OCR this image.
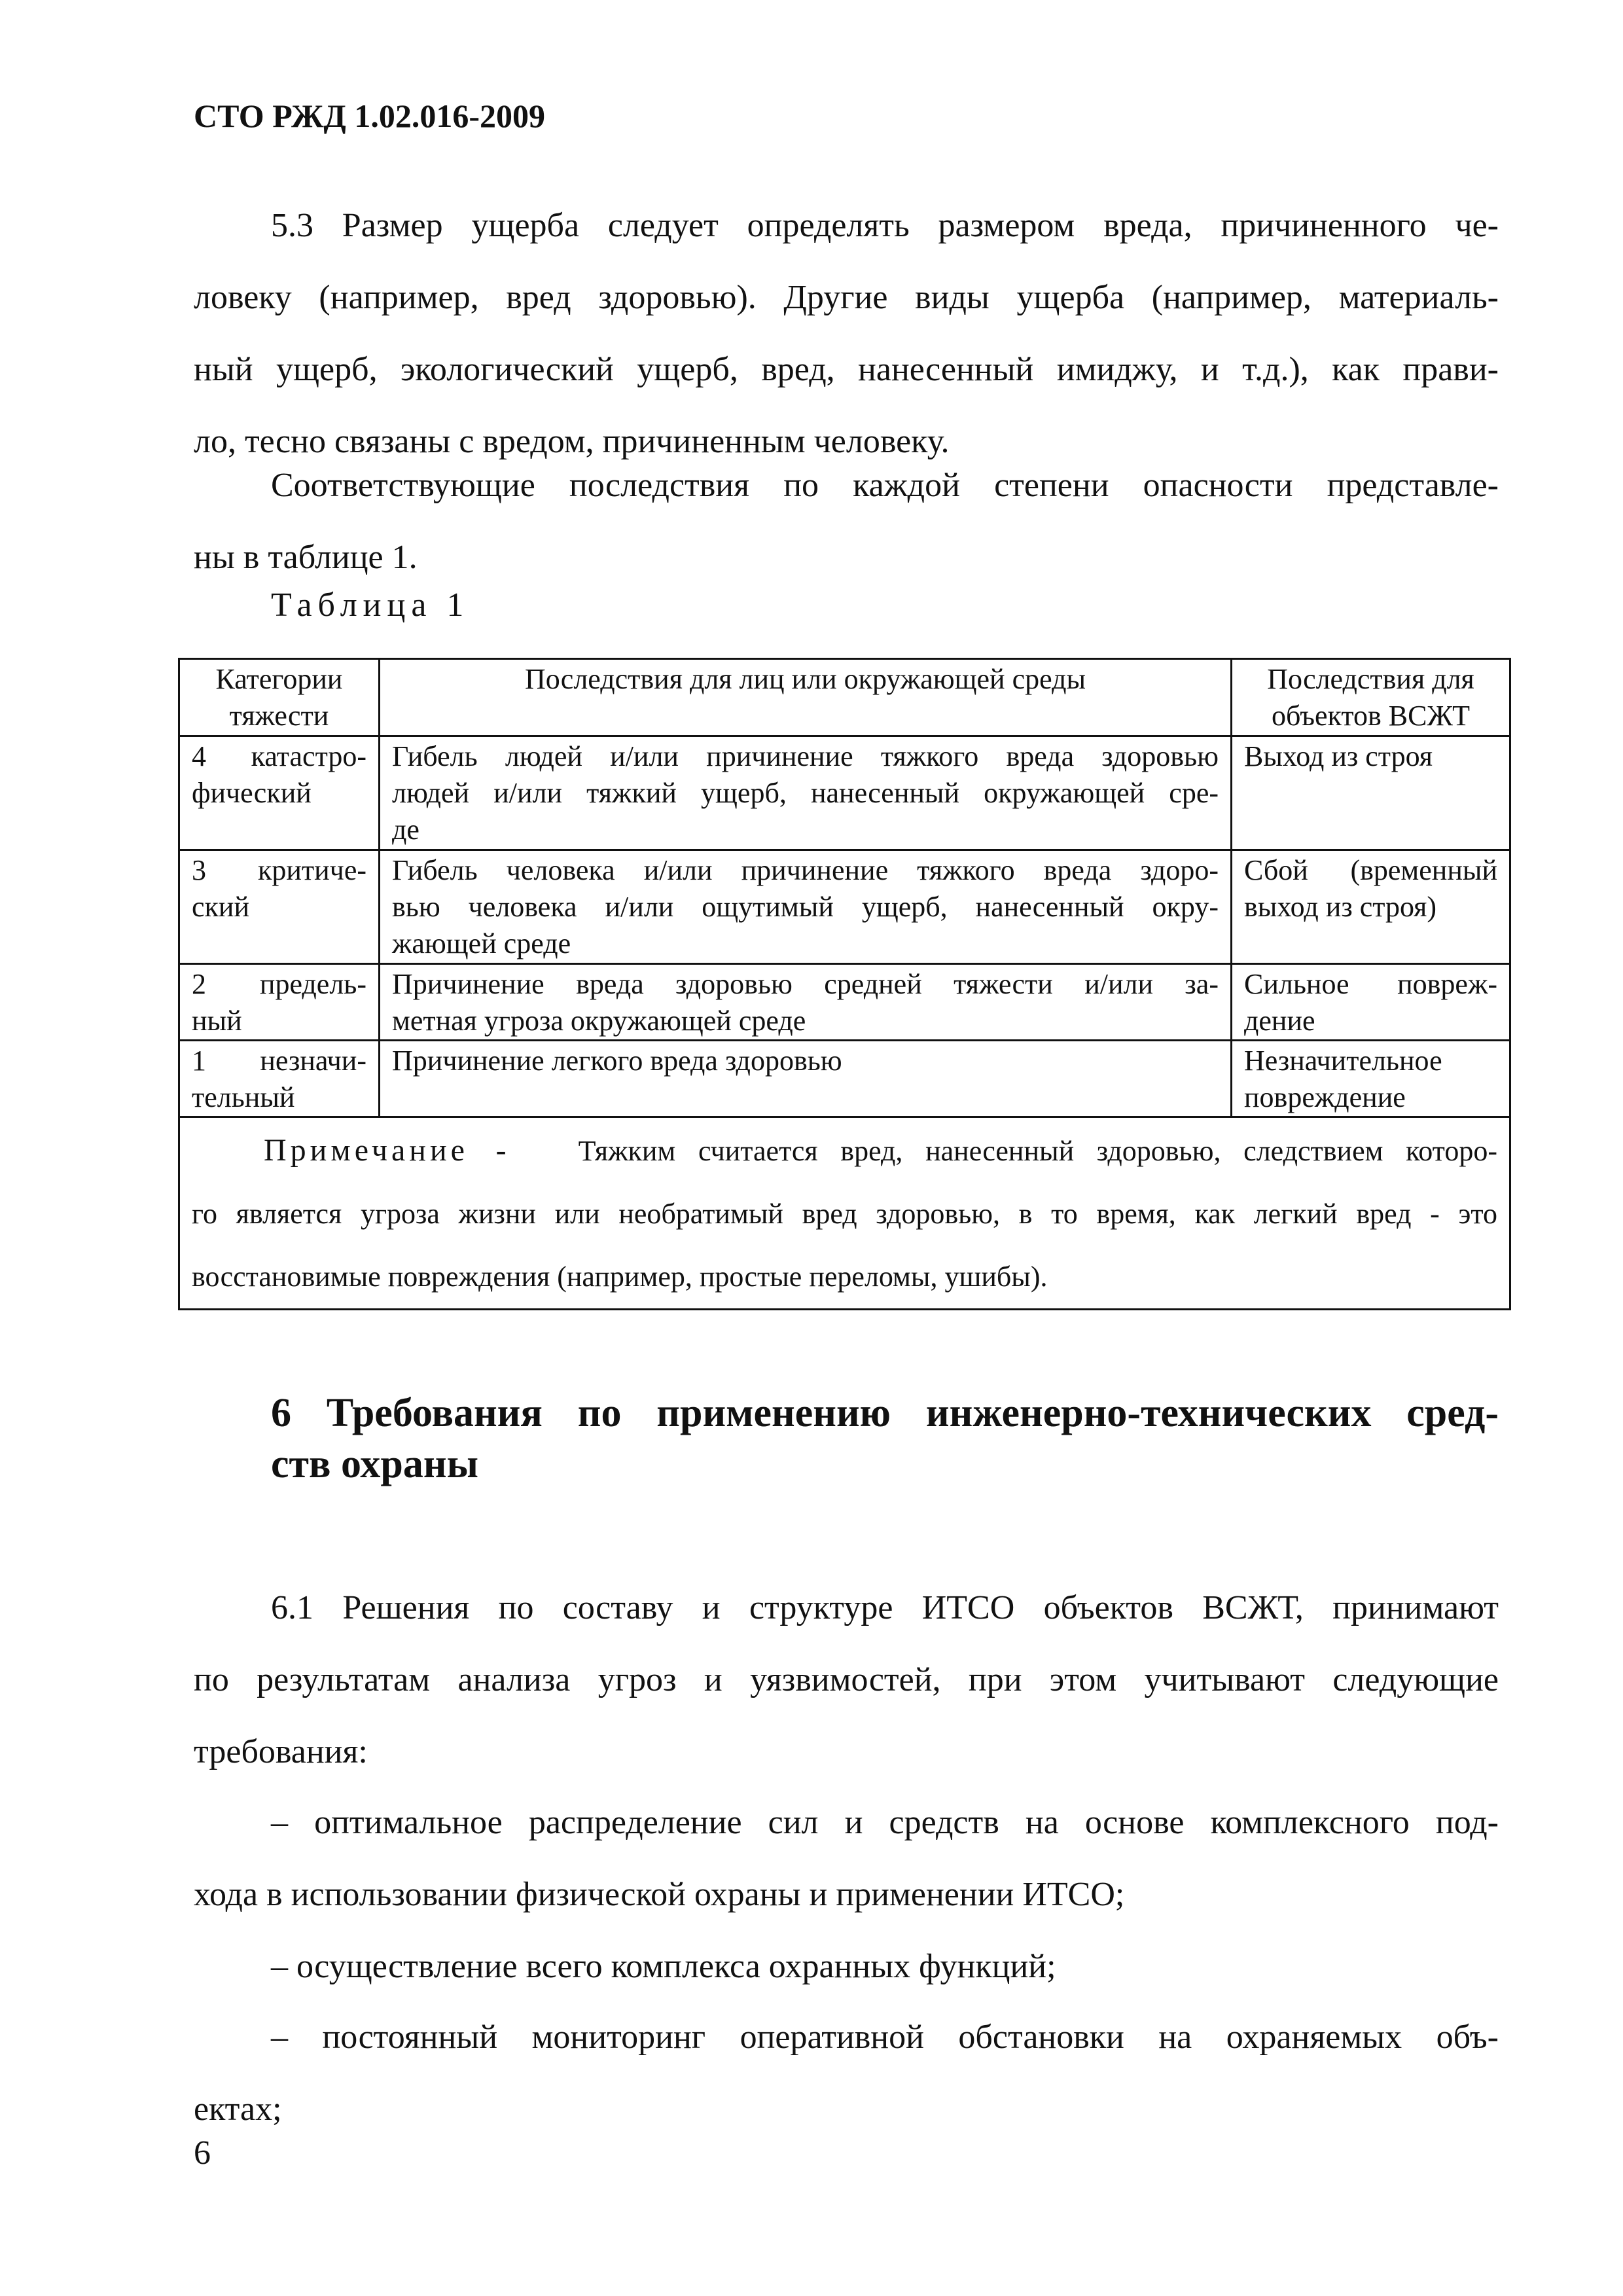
СТО РЖД 1.02.016-2009

5.3 Размер ущерба следует определять размером вреда, причиненного че-
ловеку (например, вред здоровью). Другие виды ущерба (например, материаль-
ный ущерб, экологический ущерб, вред, нанесенный имиджу, и т.д.), как прави-
ло, тесно связаны с вредом, причиненным человеку.

Соответствующие последствия по каждой степени опасности представле-
ны в таблице 1.

Таблица 1
Категории
тяжести	Последствия для лиц или окружающей среды	Последствия для
объектов ВСЖТ

4 катастро-
фический	Гибель людей и/или причинение тяжкого вреда здоровью
людей и/или тяжкий ущерб, нанесенный окружающей сре-
де	Выход из строя

3 критиче-
ский	Гибель человека и/или причинение тяжкого вреда здоро-
вью человека и/или ощутимый ущерб, нанесенный окру-
жающей среде	Сбой (временный
выход из строя)

2 предель-
ный	Причинение вреда здоровью средней тяжести и/или за-
метная угроза окружающей среде	Сильное повреж-
дение

1 незначи-
тельный	Причинение легкого вреда здоровью	Незначительное
повреждение

Примечание - Тяжким считается вред, нанесенный здоровью, следствием которо-
го является угроза жизни или необратимый вред здоровью, в то время, как легкий вред - это
восстановимые повреждения (например, простые переломы, ушибы).		
6 Требования по применению инженерно-технических сред-
ств охраны

6.1 Решения по составу и структуре ИТСО объектов ВСЖТ, принимают
по результатам анализа угроз и уязвимостей, при этом учитывают следующие
требования:

– оптимальное распределение сил и средств на основе комплексного под-
хода в использовании физической охраны и применении ИТСО;

– осуществление всего комплекса охранных функций;

– постоянный мониторинг оперативной обстановки на охраняемых объ-
ектах;

6
